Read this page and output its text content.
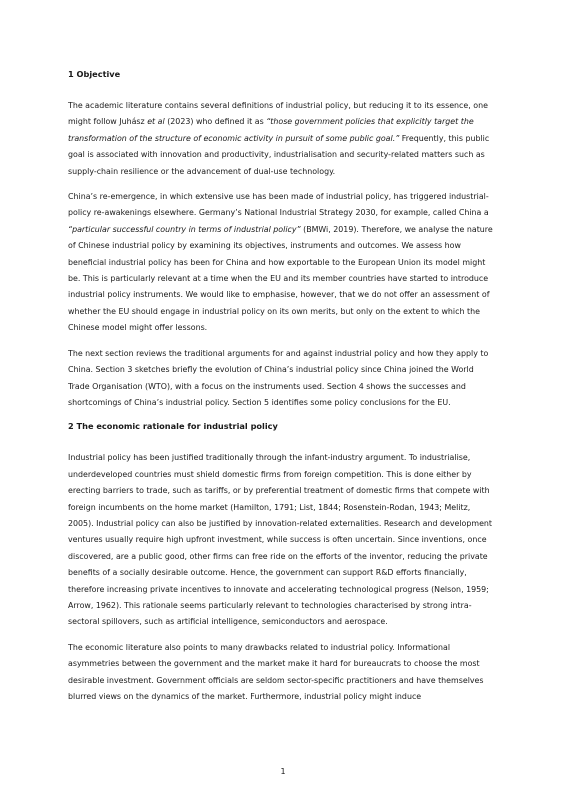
1 Objective

The academic literature contains several definitions of industrial policy, but reducing it to its essence, one might follow Juhász et al (2023) who defined it as “those government policies that explicitly target the transformation of the structure of economic activity in pursuit of some public goal.” Frequently, this public goal is associated with innovation and productivity, industrialisation and security-related matters such as supply-chain resilience or the advancement of dual-use technology.

China’s re-emergence, in which extensive use has been made of industrial policy, has triggered industrial-policy re-awakenings elsewhere. Germany’s National Industrial Strategy 2030, for example, called China a “particular successful country in terms of industrial policy” (BMWi, 2019). Therefore, we analyse the nature of Chinese industrial policy by examining its objectives, instruments and outcomes. We assess how beneficial industrial policy has been for China and how exportable to the European Union its model might be. This is particularly relevant at a time when the EU and its member countries have started to introduce industrial policy instruments. We would like to emphasise, however, that we do not offer an assessment of whether the EU should engage in industrial policy on its own merits, but only on the extent to which the Chinese model might offer lessons.

The next section reviews the traditional arguments for and against industrial policy and how they apply to China. Section 3 sketches briefly the evolution of China’s industrial policy since China joined the World Trade Organisation (WTO), with a focus on the instruments used. Section 4 shows the successes and shortcomings of China’s industrial policy. Section 5 identifies some policy conclusions for the EU.

2 The economic rationale for industrial policy

Industrial policy has been justified traditionally through the infant-industry argument. To industrialise, underdeveloped countries must shield domestic firms from foreign competition. This is done either by erecting barriers to trade, such as tariffs, or by preferential treatment of domestic firms that compete with foreign incumbents on the home market (Hamilton, 1791; List, 1844; Rosenstein-Rodan, 1943; Melitz, 2005). Industrial policy can also be justified by innovation-related externalities. Research and development ventures usually require high upfront investment, while success is often uncertain. Since inventions, once discovered, are a public good, other firms can free ride on the efforts of the inventor, reducing the private benefits of a socially desirable outcome. Hence, the government can support R&D efforts financially, therefore increasing private incentives to innovate and accelerating technological progress (Nelson, 1959; Arrow, 1962). This rationale seems particularly relevant to technologies characterised by strong intra-sectoral spillovers, such as artificial intelligence, semiconductors and aerospace.

The economic literature also points to many drawbacks related to industrial policy. Informational asymmetries between the government and the market make it hard for bureaucrats to choose the most desirable investment. Government officials are seldom sector-specific practitioners and have themselves blurred views on the dynamics of the market. Furthermore, industrial policy might induce

1
